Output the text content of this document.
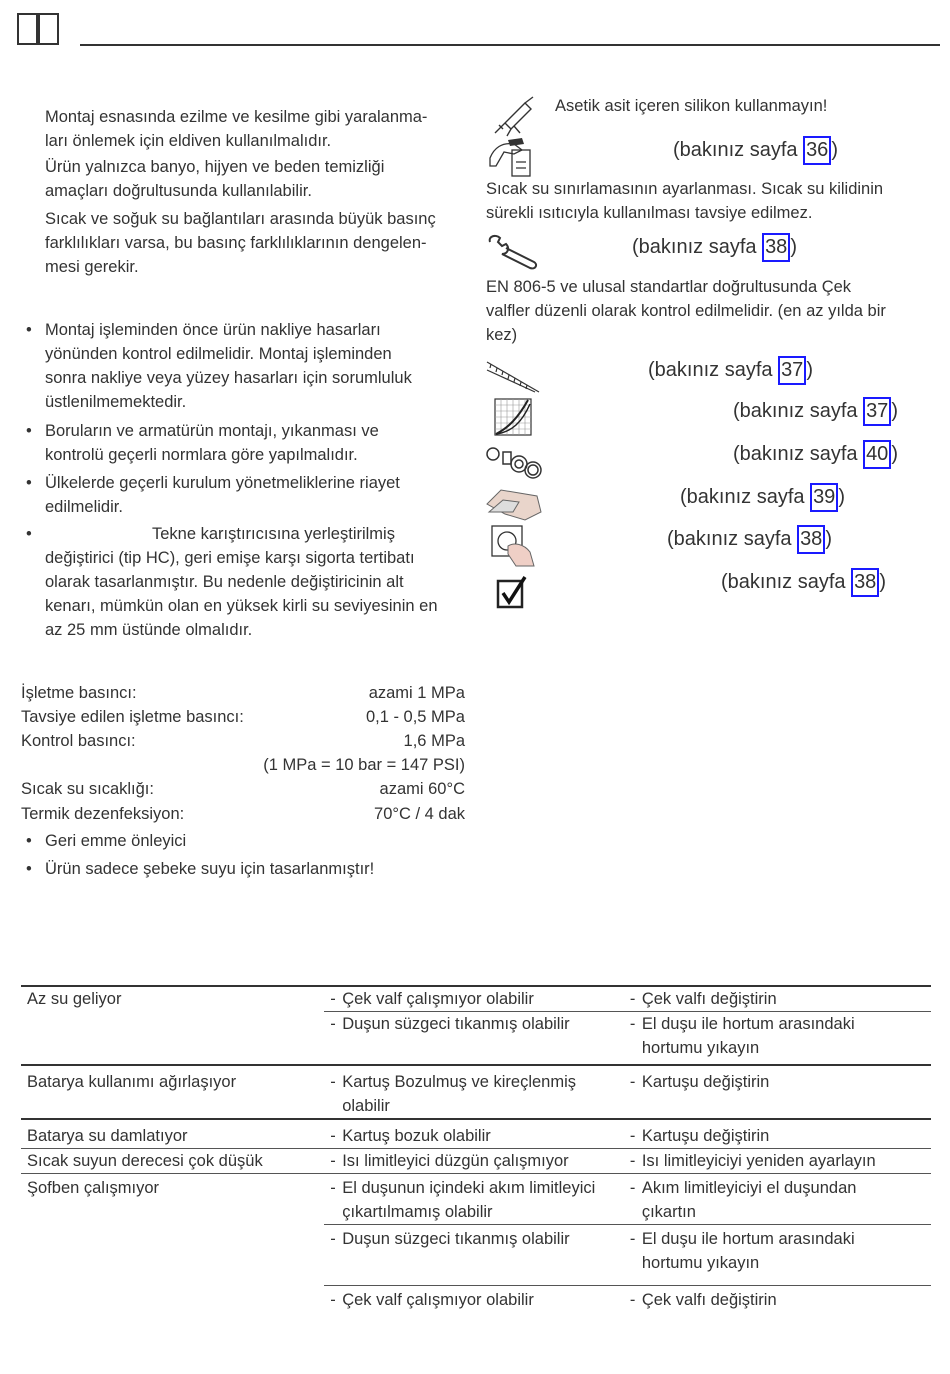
Montaj esnasında ezilme ve kesilme gibi yaralanma-
ları önlemek için eldiven kullanılmalıdır.
Ürün yalnızca banyo, hijyen ve beden temizliği
amaçları doğrultusunda kullanılabilir.
Sıcak ve soğuk su bağlantıları arasında büyük basınç
farklılıkları varsa, bu basınç farklılıklarının dengelen-
mesi gerekir.
• Montaj işleminden önce ürün nakliye hasarları
yönünden kontrol edilmelidir. Montaj işleminden
sonra nakliye veya yüzey hasarları için sorumluluk
üstlenilmemektedir.
• Boruların ve armatürün montajı, yıkanması ve
kontrolü geçerli normlara göre yapılmalıdır.
• Ülkelerde geçerli kurulum yönetmeliklerine riayet
edilmelidir.
•	Tekne karıştırıcısına yerleştirilmiş
değiştirici (tip HC), geri emişe karşı sigorta tertibatı
olarak tasarlanmıştır. Bu nedenle değiştiricinin alt
kenarı, mümkün olan en yüksek kirli su seviyesinin en
az 25 mm üstünde olmalıdır.
İşletme basıncı:	azami 1 MPa
Tavsiye edilen işletme basıncı:	0,1 - 0,5 MPa
Kontrol basıncı:	1,6 MPa
(1 MPa = 10 bar = 147 PSI)
Sıcak su sıcaklığı:	azami 60°C
Termik dezenfeksiyon:	70°C / 4 dak
• Geri emme önleyici
• Ürün sadece şebeke suyu için tasarlanmıştır!
Asetik asit içeren silikon kullanmayın!
(bakınız sayfa 36 )
Sıcak su sınırlamasının ayarlanması. Sıcak su kilidinin
sürekli ısıtıcıyla kullanılması tavsiye edilmez.
(bakınız sayfa 38 )
EN 806-5 ve ulusal standartlar doğrultusunda Çek
valfler düzenli olarak kontrol edilmelidir. (en az yılda bir
kez)
(bakınız sayfa 37 )
(bakınız sayfa 37 )
(bakınız sayfa 40 )
(bakınız sayfa 39 )
(bakınız sayfa 38 )
(bakınız sayfa 38 )
Az su geliyor	- Çek valf çalışmıyor olabilir	- Çek valfı değiştirin
	- Duşun süzgeci tıkanmış olabilir	- El duşu ile hortum arasındaki
hortumu yıkayın

Batarya kullanımı ağırlaşıyor	- Kartuş Bozulmuş ve kireçlenmiş
olabilir	- Kartuşu değiştirin
Batarya su damlatıyor	- Kartuş bozuk olabilir	- Kartuşu değiştirin
Sıcak suyun derecesi çok düşük	- Isı limitleyici düzgün çalışmıyor	- Isı limitleyiciyi yeniden ayarlayın
Şofben çalışmıyor	- El duşunun içindeki akım limitleyici
çıkartılmamış olabilir	- Akım limitleyiciyi el duşundan
çıkartın

	- Duşun süzgeci tıkanmış olabilir	- El duşu ile hortum arasındaki
hortumu yıkayın

	- Çek valf çalışmıyor olabilir	- Çek valfı değiştirin
